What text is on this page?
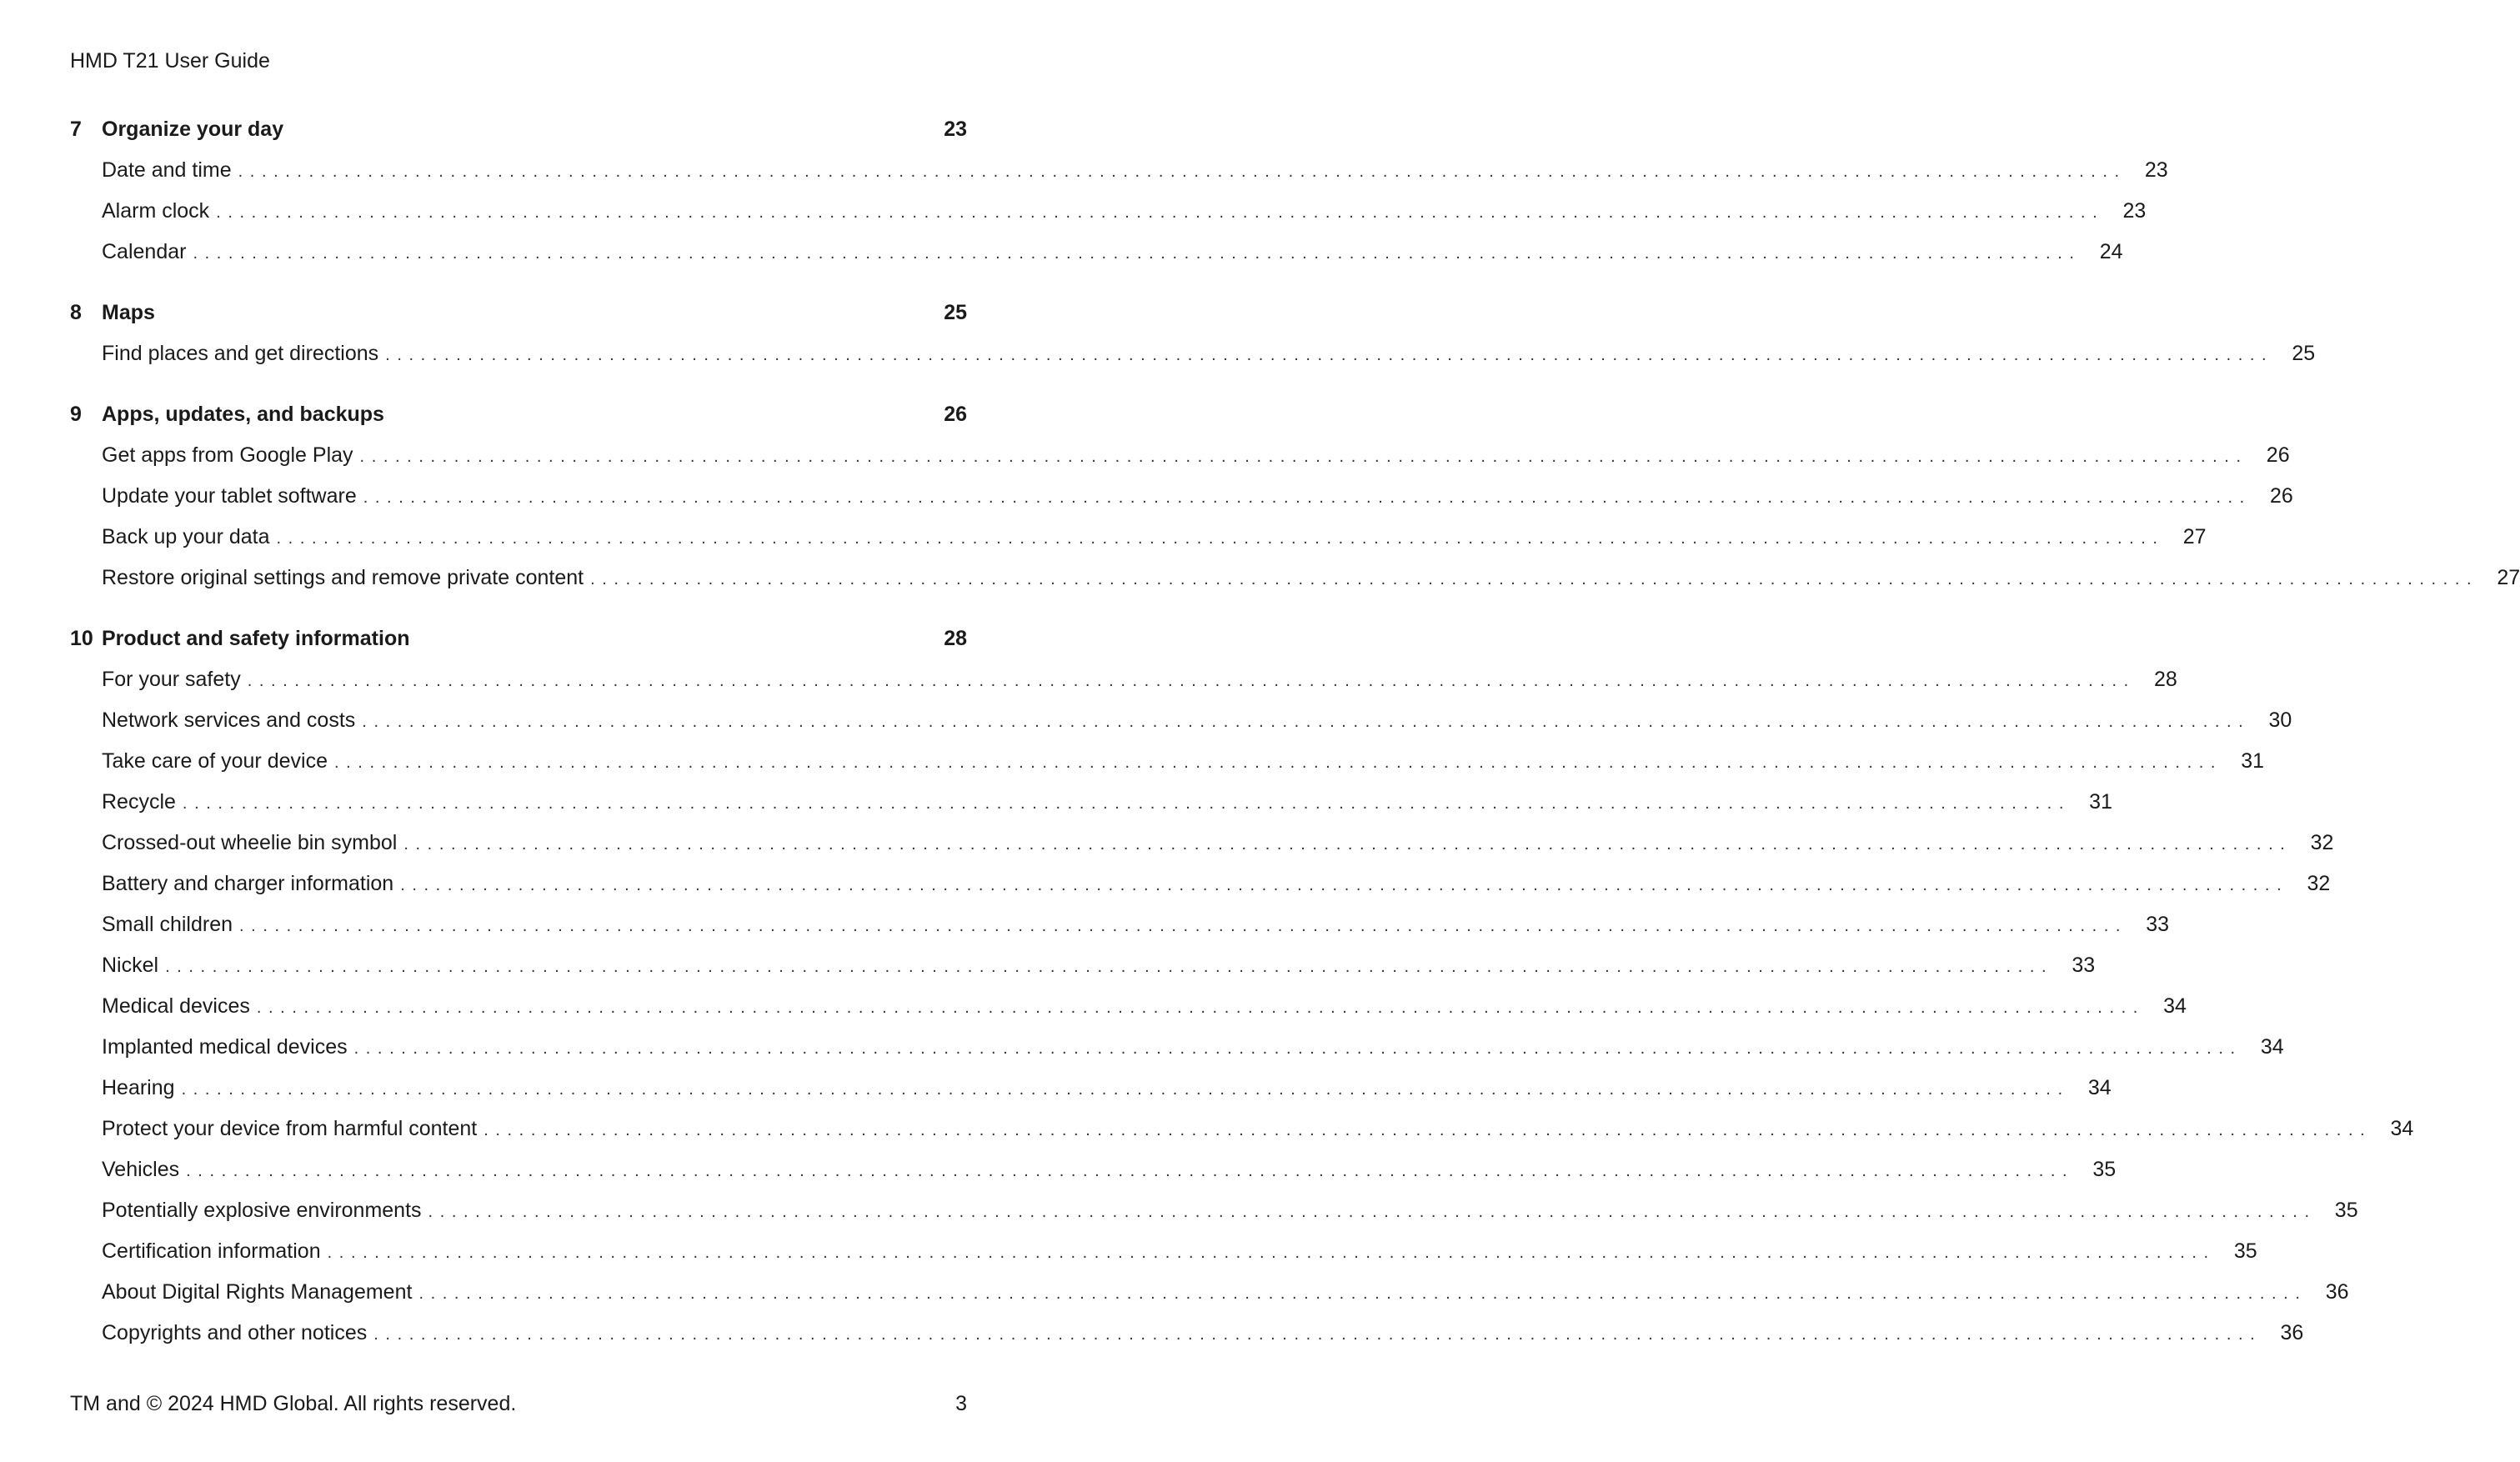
HMD T21 User Guide
7 Organize your day	23
Date and time ................................................................................................................................................................ 23
Alarm clock ................................................................................................................................................................ 23
Calendar ................................................................................................................................................................ 24
8 Maps	25
Find places and get directions ................................................................................................................................................................ 25
9 Apps, updates, and backups	26
Get apps from Google Play ................................................................................................................................................................ 26
Update your tablet software ................................................................................................................................................................ 26
Back up your data ................................................................................................................................................................ 27
Restore original settings and remove private content ................................................................................................................................................................ 27
10 Product and safety information	28
For your safety ................................................................................................................................................................ 28
Network services and costs ................................................................................................................................................................ 30
Take care of your device ................................................................................................................................................................ 31
Recycle ................................................................................................................................................................ 31
Crossed-out wheelie bin symbol ................................................................................................................................................................ 32
Battery and charger information ................................................................................................................................................................ 32
Small children ................................................................................................................................................................ 33
Nickel ................................................................................................................................................................ 33
Medical devices ................................................................................................................................................................ 34
Implanted medical devices ................................................................................................................................................................ 34
Hearing ................................................................................................................................................................ 34
Protect your device from harmful content ................................................................................................................................................................ 34
Vehicles ................................................................................................................................................................ 35
Potentially explosive environments ................................................................................................................................................................ 35
Certification information ................................................................................................................................................................ 35
About Digital Rights Management ................................................................................................................................................................ 36
Copyrights and other notices ................................................................................................................................................................ 36
TM and © 2024 HMD Global. All rights reserved.	3
